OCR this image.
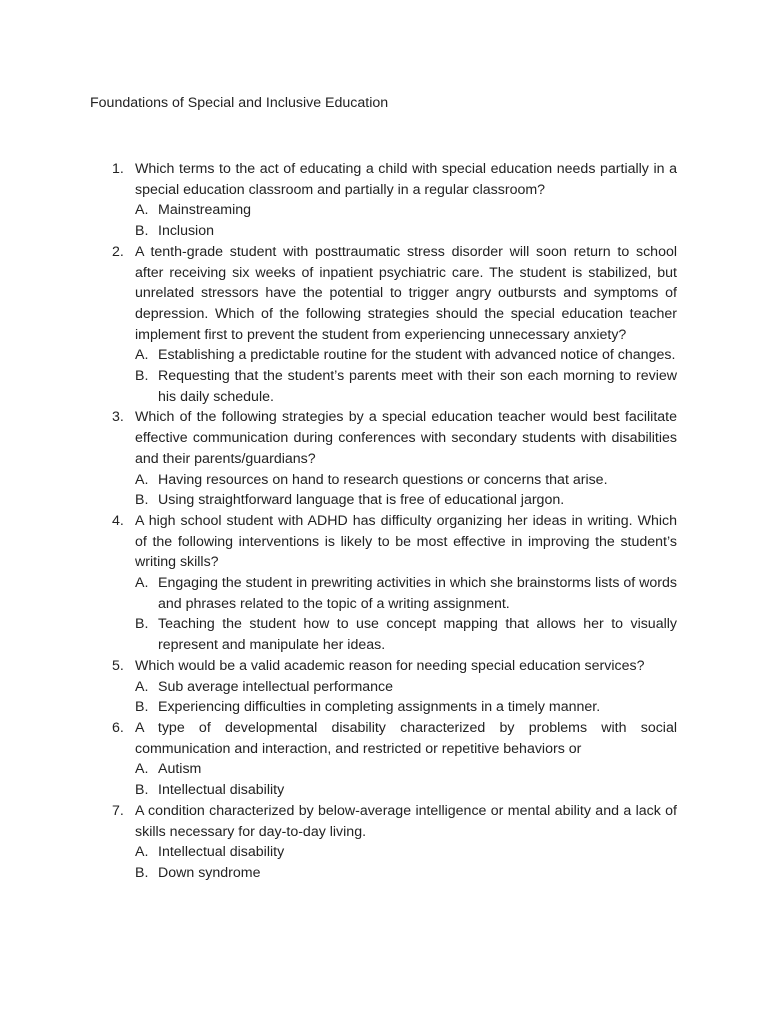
Foundations of Special and Inclusive Education
1. Which terms to the act of educating a child with special education needs partially in a special education classroom and partially in a regular classroom?
A. Mainstreaming
B. Inclusion
2. A tenth-grade student with posttraumatic stress disorder will soon return to school after receiving six weeks of inpatient psychiatric care. The student is stabilized, but unrelated stressors have the potential to trigger angry outbursts and symptoms of depression. Which of the following strategies should the special education teacher implement first to prevent the student from experiencing unnecessary anxiety?
A. Establishing a predictable routine for the student with advanced notice of changes.
B. Requesting that the student’s parents meet with their son each morning to review his daily schedule.
3. Which of the following strategies by a special education teacher would best facilitate effective communication during conferences with secondary students with disabilities and their parents/guardians?
A. Having resources on hand to research questions or concerns that arise.
B. Using straightforward language that is free of educational jargon.
4. A high school student with ADHD has difficulty organizing her ideas in writing. Which of the following interventions is likely to be most effective in improving the student’s writing skills?
A. Engaging the student in prewriting activities in which she brainstorms lists of words and phrases related to the topic of a writing assignment.
B. Teaching the student how to use concept mapping that allows her to visually represent and manipulate her ideas.
5. Which would be a valid academic reason for needing special education services?
A. Sub average intellectual performance
B. Experiencing difficulties in completing assignments in a timely manner.
6. A type of developmental disability characterized by problems with social communication and interaction, and restricted or repetitive behaviors or
A. Autism
B. Intellectual disability
7. A condition characterized by below-average intelligence or mental ability and a lack of skills necessary for day-to-day living.
A. Intellectual disability
B. Down syndrome
